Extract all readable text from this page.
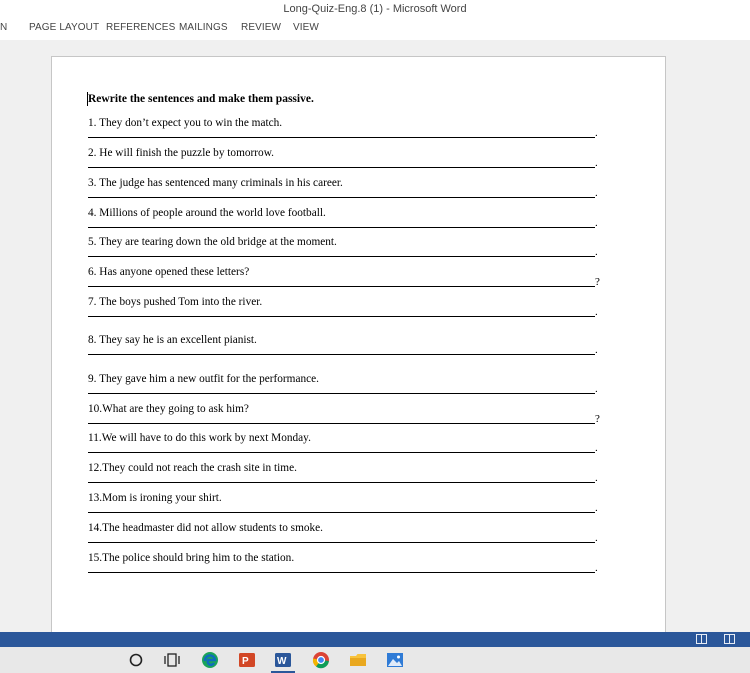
Long-Quiz-Eng.8 (1) - Microsoft Word
N PAGE LAYOUT REFERENCES MAILINGS REVIEW VIEW
Rewrite the sentences and make them passive.
1. They don’t expect you to win the match.
.
2. He will finish the puzzle by tomorrow.
.
3. The judge has sentenced many criminals in his career.
.
4. Millions of people around the world love football.
.
5. They are tearing down the old bridge at the moment.
.
6. Has anyone opened these letters?
?
7. The boys pushed Tom into the river.
.
8. They say he is an excellent pianist.
.
9. They gave him a new outfit for the performance.
.
10.What are they going to ask him?
?
11.We will have to do this work by next Monday.
.
12.They could not reach the crash site in time.
.
13.Mom is ironing your shirt.
.
14.The headmaster did not allow students to smoke.
.
15.The police should bring him to the station.
.
P	W
